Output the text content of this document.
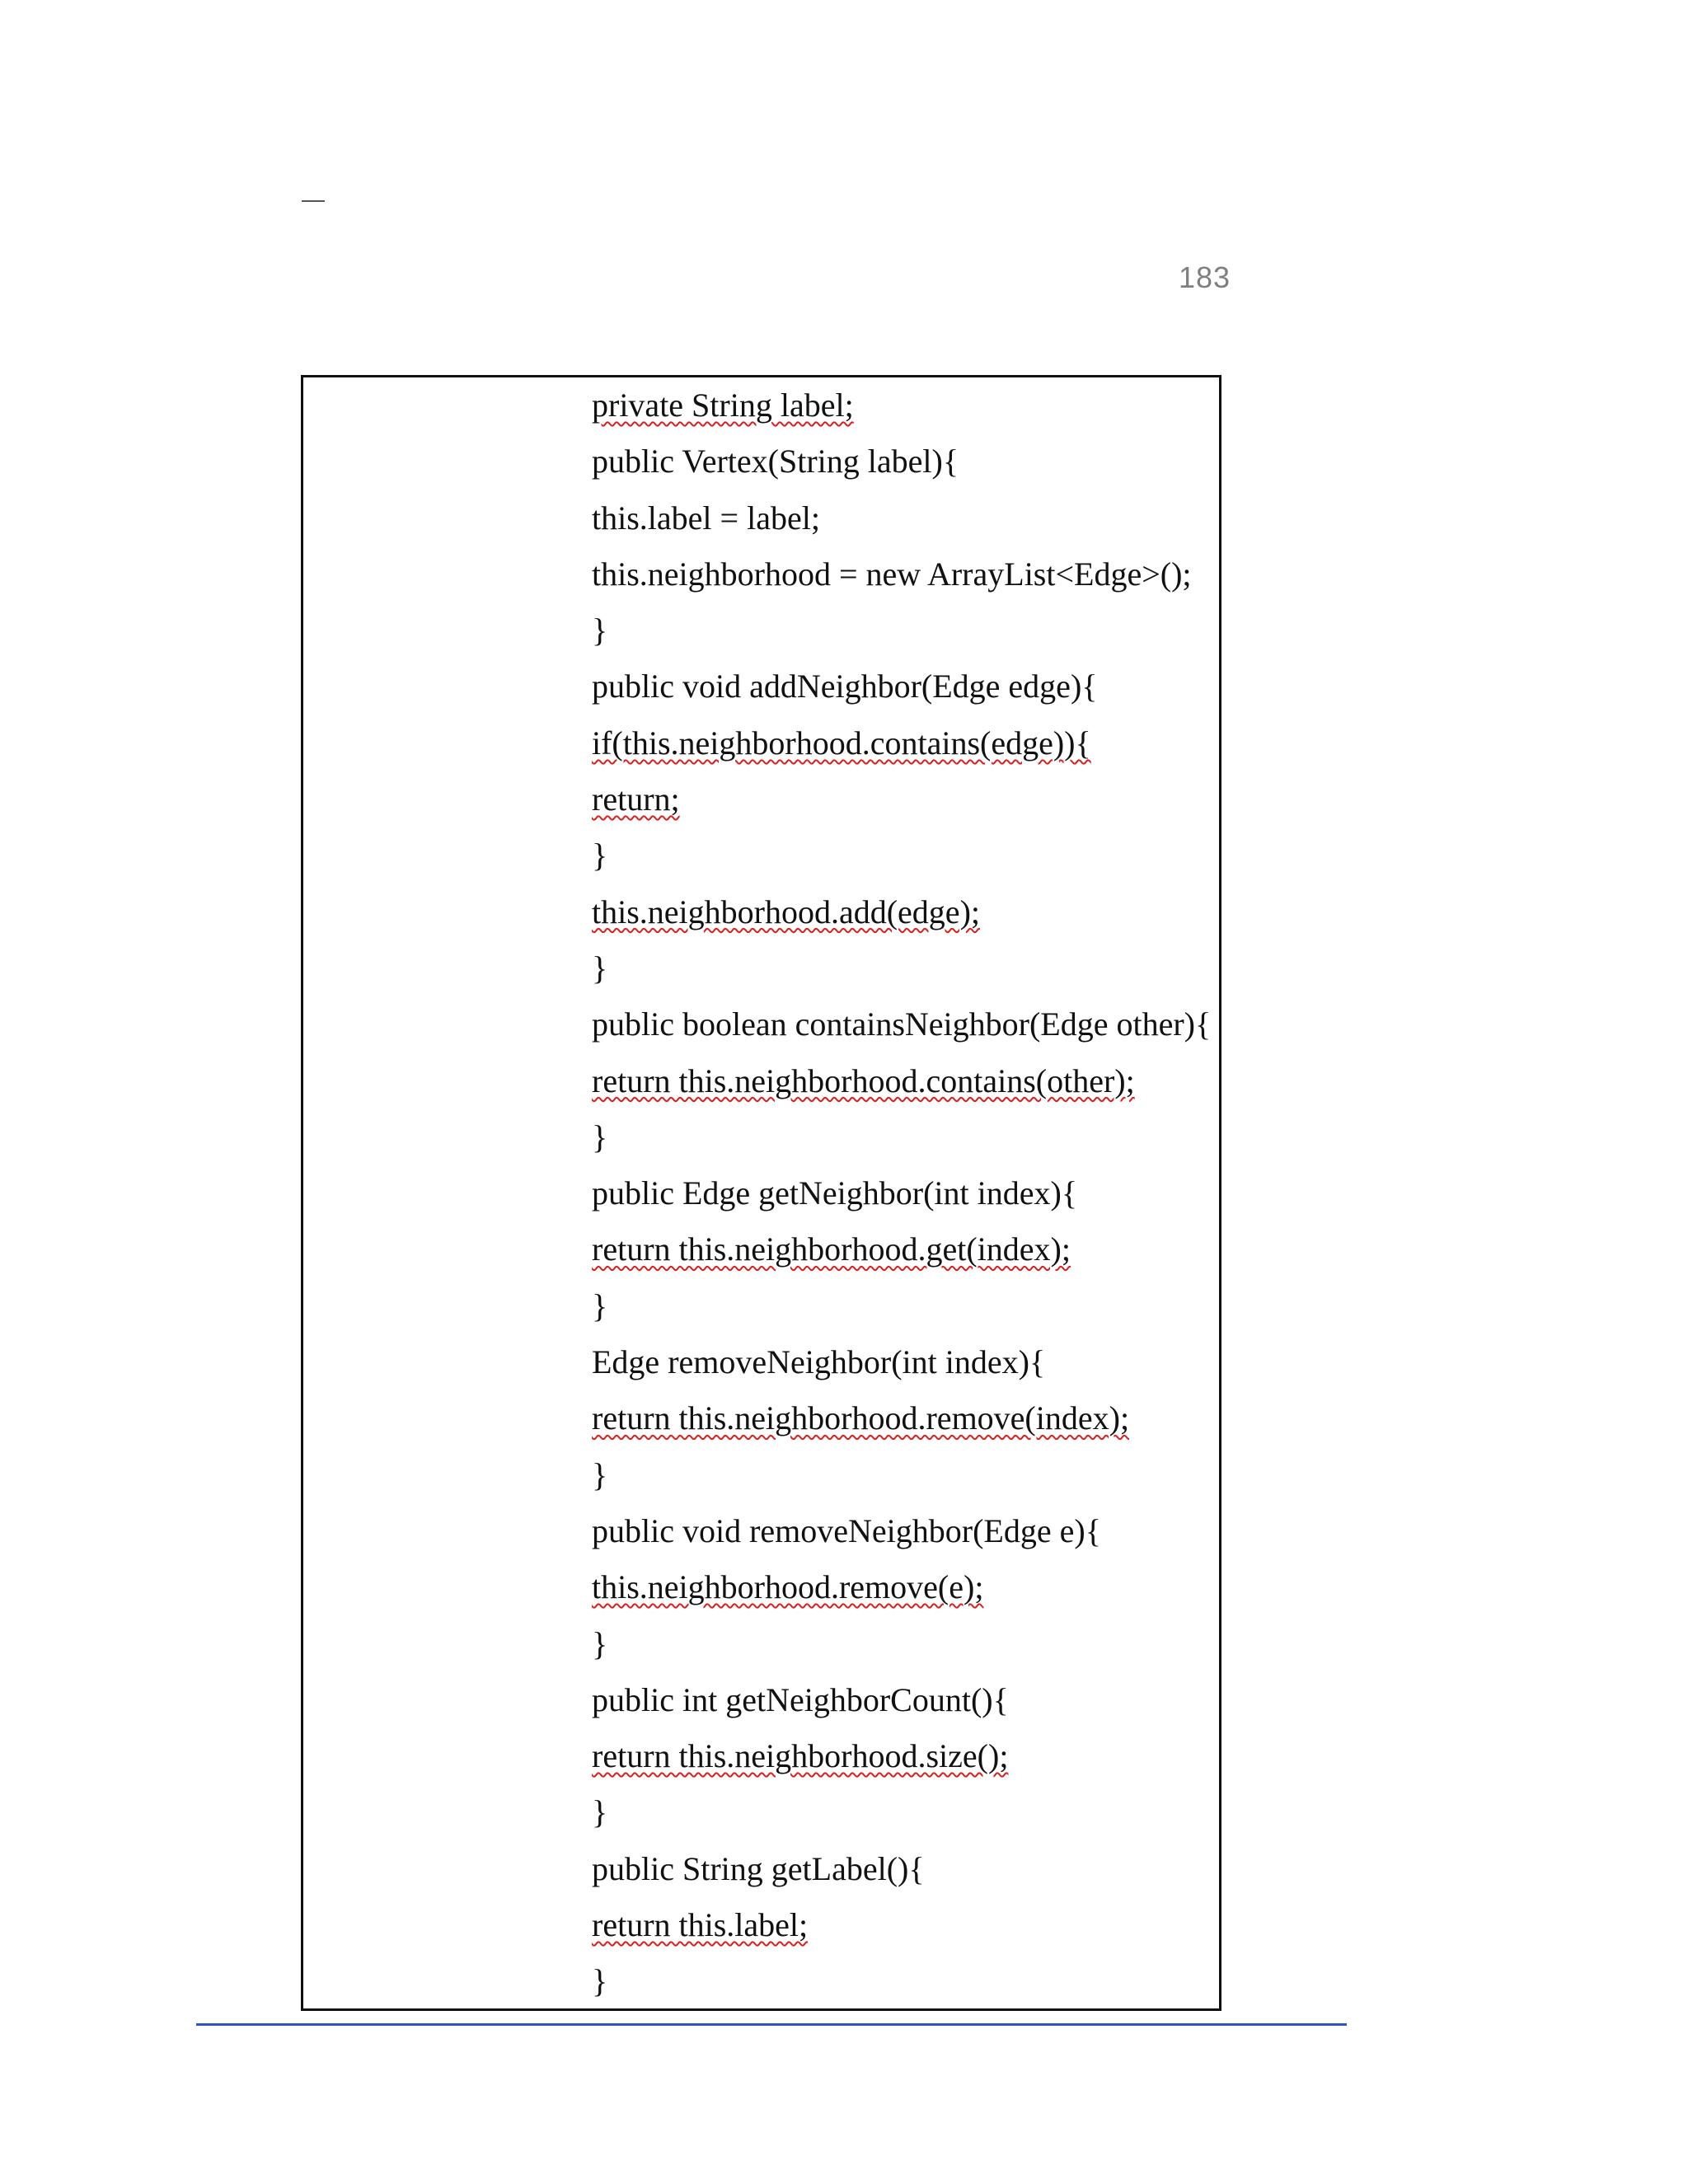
183
private String label;
public Vertex(String label){
this.label = label;
this.neighborhood = new ArrayList<Edge>();
}
public void addNeighbor(Edge edge){
if(this.neighborhood.contains(edge)){
return;
}
this.neighborhood.add(edge);
}
public boolean containsNeighbor(Edge other){
return this.neighborhood.contains(other);
}
public Edge getNeighbor(int index){
return this.neighborhood.get(index);
}
Edge removeNeighbor(int index){
return this.neighborhood.remove(index);
}
public void removeNeighbor(Edge e){
this.neighborhood.remove(e);
}
public int getNeighborCount(){
return this.neighborhood.size();
}
public String getLabel(){
return this.label;
}
